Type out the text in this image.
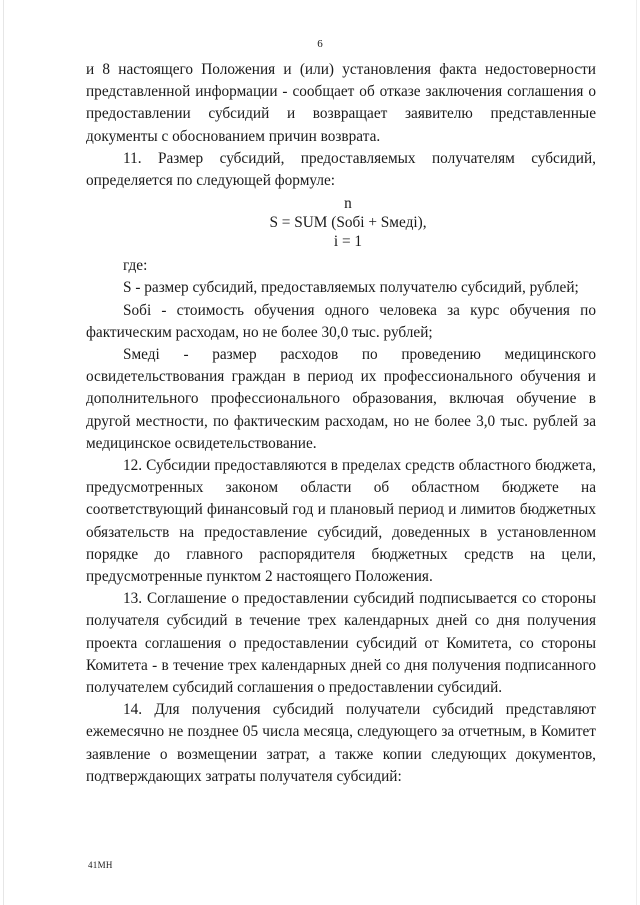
6

и 8 настоящего Положения и (или) установления факта недостоверности представленной информации - сообщает об отказе заключения соглашения о предоставлении субсидий и возвращает заявителю представленные документы с обоснованием причин возврата.

11. Размер субсидий, предоставляемых получателям субсидий, определяется по следующей формуле:

n
S = SUM (Sобі + Sмеді),
і = 1

где:

S - размер субсидий, предоставляемых получателю субсидий, рублей;

Sобі - стоимость обучения одного человека за курс обучения по фактическим расходам, но не более 30,0 тыс. рублей;

Sмеді - размер расходов по проведению медицинского освидетельствования граждан в период их профессионального обучения и дополнительного профессионального образования, включая обучение в другой местности, по фактическим расходам, но не более 3,0 тыс. рублей за медицинское освидетельствование.

12. Субсидии предоставляются в пределах средств областного бюджета, предусмотренных законом области об областном бюджете на соответствующий финансовый год и плановый период и лимитов бюджетных обязательств на предоставление субсидий, доведенных в установленном порядке до главного распорядителя бюджетных средств на цели, предусмотренные пунктом 2 настоящего Положения.

13. Соглашение о предоставлении субсидий подписывается со стороны получателя субсидий в течение трех календарных дней со дня получения проекта соглашения о предоставлении субсидий от Комитета, со стороны Комитета - в течение трех календарных дней со дня получения подписанного получателем субсидий соглашения о предоставлении субсидий.

14. Для получения субсидий получатели субсидий представляют ежемесячно не позднее 05 числа месяца, следующего за отчетным, в Комитет заявление о возмещении затрат, а также копии следующих документов, подтверждающих затраты получателя субсидий:

41МН
